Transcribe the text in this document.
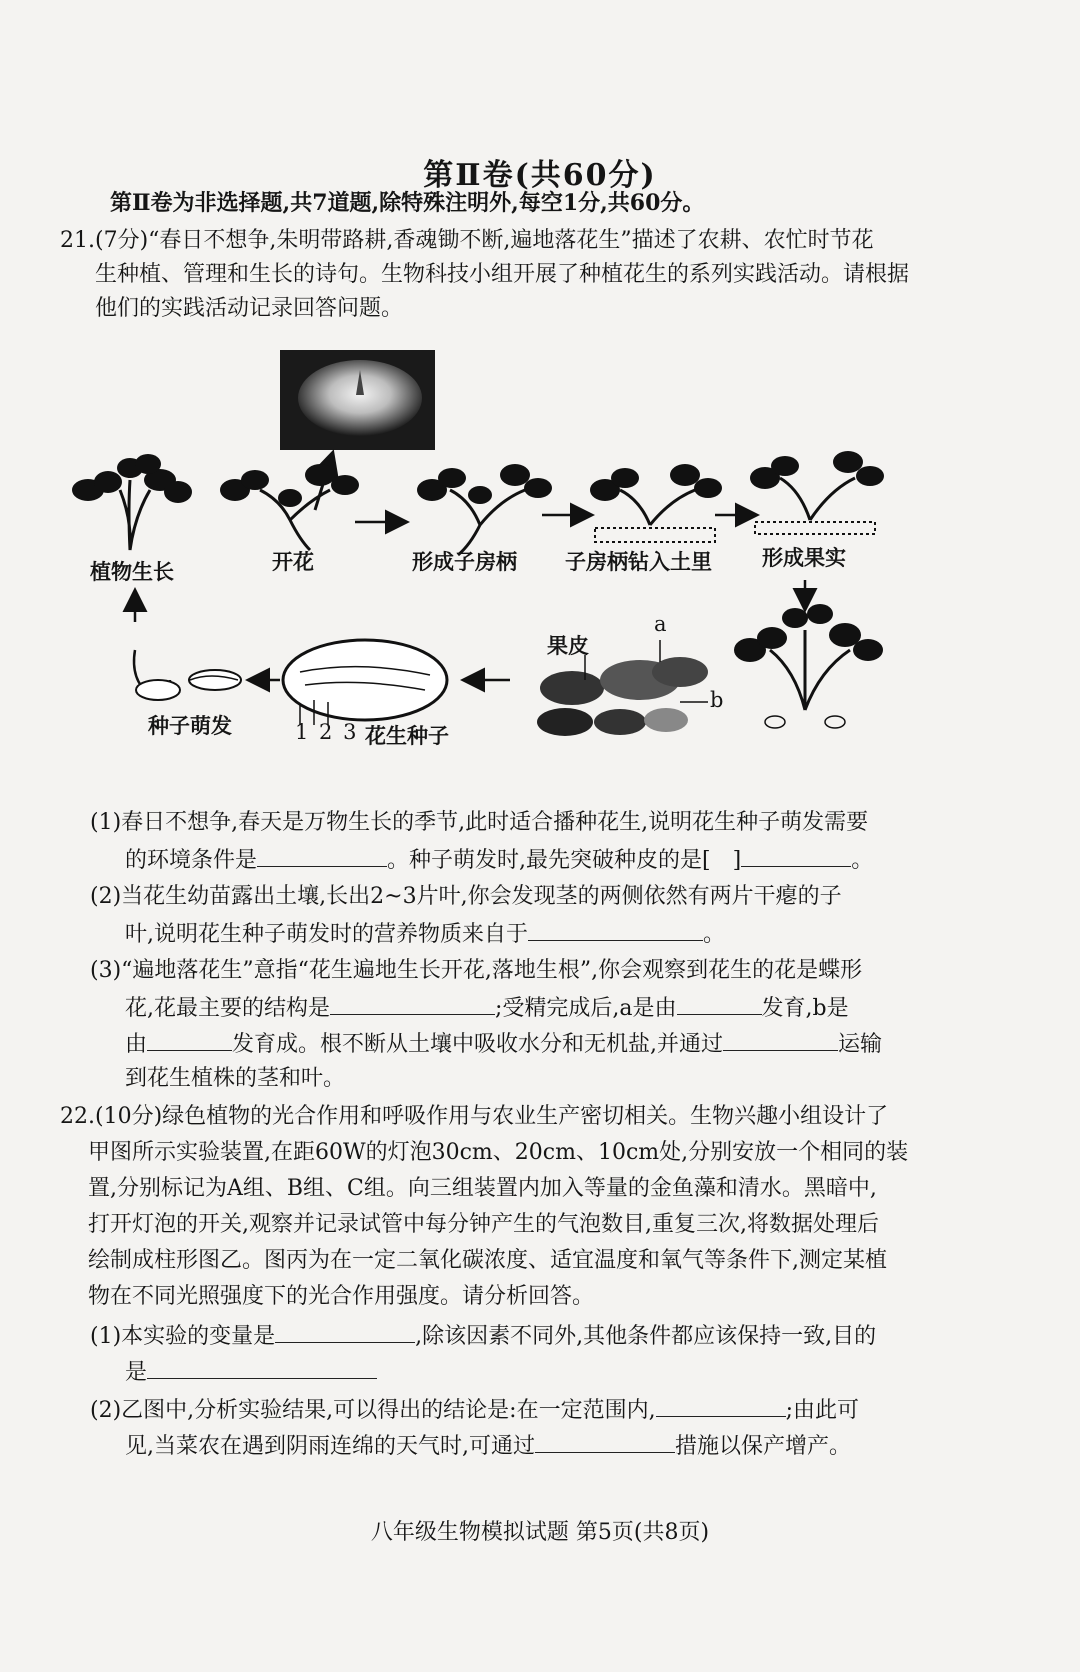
第Ⅱ卷(共60分)
第Ⅱ卷为非选择题,共7道题,除特殊注明外,每空1分,共60分。
21.(7分)“春日不想争,朱明带路耕,香魂锄不断,遍地落花生”描述了农耕、农忙时节花
生种植、管理和生长的诗句。生物科技小组开展了种植花生的系列实践活动。请根据
他们的实践活动记录回答问题。
植物生长	开花	形成子房柄 子房柄钻入土里 形成果实
种子萌发	1 2 3 花生种子
果皮
a
b
(1)春日不想争,春天是万物生长的季节,此时适合播种花生,说明花生种子萌发需要
的环境条件是	。种子萌发时,最先突破种皮的是[ ]	。
(2)当花生幼苗露出土壤,长出2~3片叶,你会发现茎的两侧依然有两片干瘪的子
叶,说明花生种子萌发时的营养物质来自于	。
(3)“遍地落花生”意指“花生遍地生长开花,落地生根”,你会观察到花生的花是蝶形
花,花最主要的结构是	;受精完成后,a是由	发育,b是
由	发育成。根不断从土壤中吸收水分和无机盐,并通过	运输
到花生植株的茎和叶。
22.(10分)绿色植物的光合作用和呼吸作用与农业生产密切相关。生物兴趣小组设计了
甲图所示实验装置,在距60W的灯泡30cm、20cm、10cm处,分别安放一个相同的装
置,分别标记为A组、B组、C组。向三组装置内加入等量的金鱼藻和清水。黑暗中,
打开灯泡的开关,观察并记录试管中每分钟产生的气泡数目,重复三次,将数据处理后
绘制成柱形图乙。图丙为在一定二氧化碳浓度、适宜温度和氧气等条件下,测定某植
物在不同光照强度下的光合作用强度。请分析回答。
(1)本实验的变量是	,除该因素不同外,其他条件都应该保持一致,目的
是
(2)乙图中,分析实验结果,可以得出的结论是:在一定范围内,	;由此可
见,当菜农在遇到阴雨连绵的天气时,可通过	措施以保产增产。
八年级生物模拟试题 第5页(共8页)
